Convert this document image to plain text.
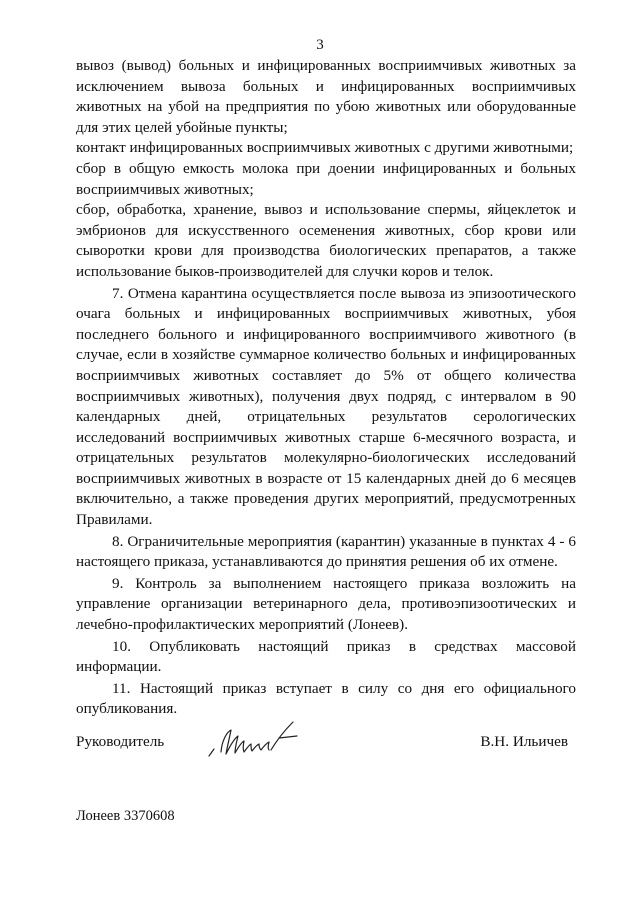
3

вывоз (вывод) больных и инфицированных восприимчивых животных за исключением вывоза больных и инфицированных восприимчивых животных на убой на предприятия по убою животных или оборудованные для этих целей убойные пункты;

контакт инфицированных восприимчивых животных с другими животными;

сбор в общую емкость молока при доении инфицированных и больных восприимчивых животных;

сбор, обработка, хранение, вывоз и использование спермы, яйцеклеток и эмбрионов для искусственного осеменения животных, сбор крови или сыворотки крови для производства биологических препаратов, а также использование быков-производителей для случки коров и телок.

7. Отмена карантина осуществляется после вывоза из эпизоотического очага больных и инфицированных восприимчивых животных, убоя последнего больного и инфицированного восприимчивого животного (в случае, если в хозяйстве суммарное количество больных и инфицированных восприимчивых животных составляет до 5% от общего количества восприимчивых животных), получения двух подряд, с интервалом в 90 календарных дней, отрицательных результатов серологических исследований восприимчивых животных старше 6-месячного возраста, и отрицательных результатов молекулярно-биологических исследований восприимчивых животных в возрасте от 15 календарных дней до 6 месяцев включительно, а также проведения других мероприятий, предусмотренных Правилами.

8. Ограничительные мероприятия (карантин) указанные в пунктах 4 - 6 настоящего приказа, устанавливаются до принятия решения об их отмене.

9. Контроль за выполнением настоящего приказа возложить на управление организации ветеринарного дела, противоэпизоотических и лечебно-профилактических мероприятий (Лонеев).

10. Опубликовать настоящий приказ в средствах массовой информации.

11. Настоящий приказ вступает в силу со дня его официального опубликования.

Руководитель	В.Н. Ильичев
Лонеев 3370608
